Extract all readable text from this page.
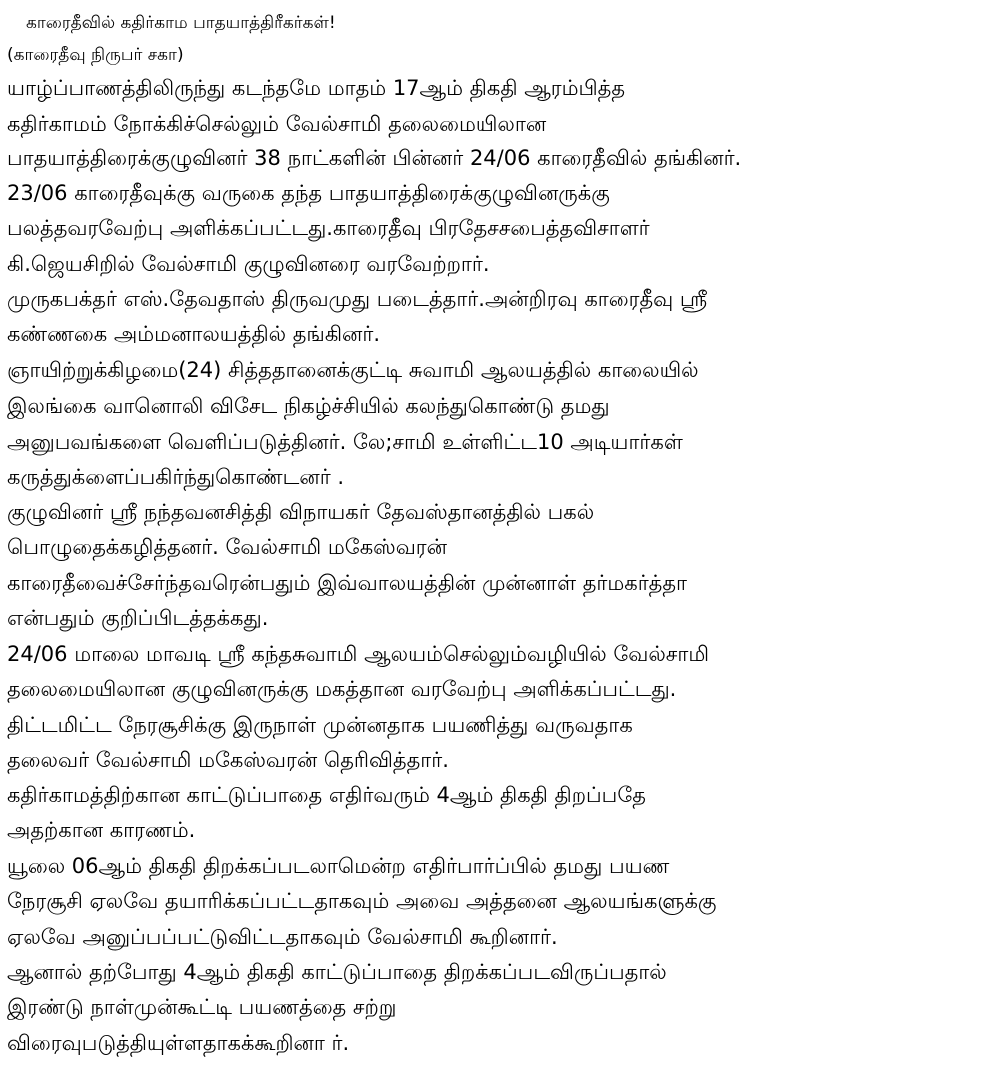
காரைதீவில் கதிர்காம பாதயாத்திரீகர்கள்!
(காரைதீவு நிருபர் சகா)
யாழ்ப்பாணத்திலிருந்து கடந்தமே மாதம் 17ஆம் திகதி ஆரம்பித்த
கதிர்காமம் நோக்கிச்செல்லும் வேல்சாமி தலைமையிலான
பாதயாத்திரைக்குழுவினர் 38 நாட்களின் பின்னர் 24/06 காரைதீவில் தங்கினர்.
23/06 காரைதீவுக்கு வருகை தந்த பாதயாத்திரைக்குழுவினருக்கு
பலத்தவரவேற்பு அளிக்கப்பட்டது.காரைதீவு பிரதேசசபைத்தவிசாளர்
கி.ஜெயசிறில் வேல்சாமி குழுவினரை வரவேற்றார்.
முருகபக்தர் எஸ்.தேவதாஸ் திருவமுது படைத்தார்.அன்றிரவு காரைதீவு ஸ்ரீ
கண்ணகை அம்மனாலயத்தில் தங்கினர்.
ஞாயிற்றுக்கிழமை(24) சித்ததானைக்குட்டி சுவாமி ஆலயத்தில் காலையில்
இலங்கை வானொலி விசேட நிகழ்ச்சியில் கலந்துகொண்டு தமது
அனுபவங்களை வெளிப்படுத்தினர். லே;சாமி உள்ளிட்ட10 அடியார்கள்
கருத்துக்ளைப்பகிர்ந்துகொண்டனர் .
குழுவினர் ஸ்ரீ நந்தவனசித்தி விநாயகர் தேவஸ்தானத்தில் பகல்
பொழுதைக்கழித்தனர். வேல்சாமி மகேஸ்வரன்
காரைதீவைச்சேர்ந்தவரென்பதும் இவ்வாலயத்தின் முன்னாள் தர்மகர்த்தா
என்பதும் குறிப்பிடத்தக்கது.
24/06 மாலை மாவடி ஸ்ரீ கந்தசுவாமி ஆலயம்செல்லும்வழியில் வேல்சாமி
தலைமையிலான குழுவினருக்கு மகத்தான வரவேற்பு அளிக்கப்பட்டது.
திட்டமிட்ட நேரசூசிக்கு இருநாள் முன்னதாக பயணித்து வருவதாக
தலைவர் வேல்சாமி மகேஸ்வரன் தெரிவித்தார்.
கதிர்காமத்திற்கான காட்டுப்பாதை எதிர்வரும் 4ஆம் திகதி திறப்பதே
அதற்கான காரணம்.
யூலை 06ஆம் திகதி திறக்கப்படலாமென்ற எதிர்பார்ப்பில் தமது பயண
நேரசூசி ஏலவே தயாரிக்கப்பட்டதாகவும் அவை அத்தனை ஆலயங்களுக்கு
ஏலவே அனுப்பப்பட்டுவிட்டதாகவும் வேல்சாமி கூறினார்.
ஆனால் தற்போது 4ஆம் திகதி காட்டுப்பாதை திறக்கப்படவிருப்பதால்
இரண்டு நாள்முன்கூட்டி பயணத்தை சற்று
விரைவுபடுத்தியுள்ளதாகக்கூறினா ர்.
